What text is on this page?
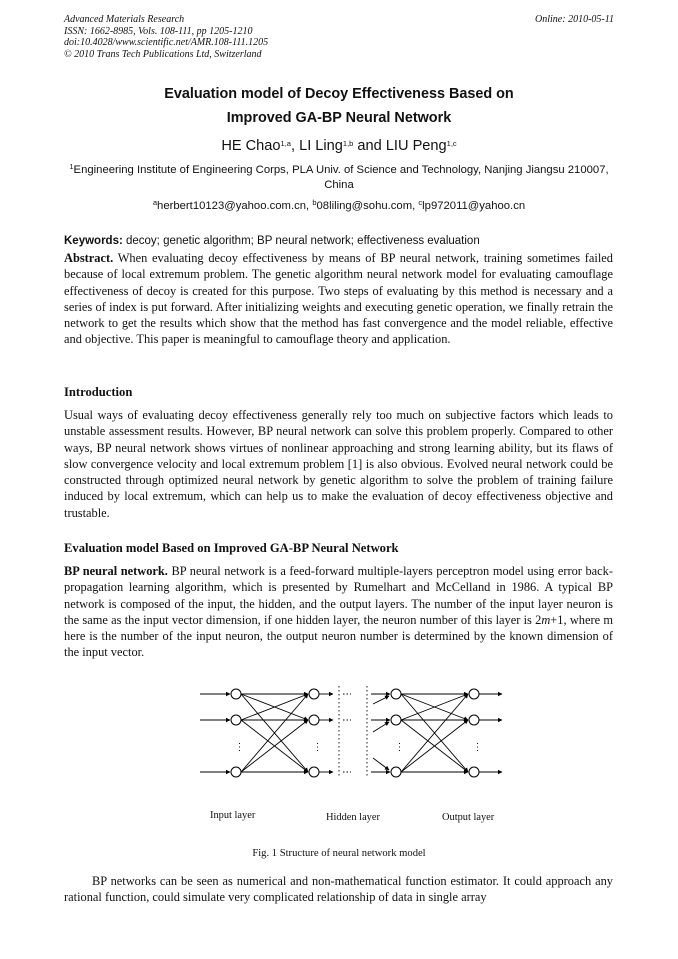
Advanced Materials Research
ISSN: 1662-8985, Vols. 108-111, pp 1205-1210
doi:10.4028/www.scientific.net/AMR.108-111.1205
© 2010 Trans Tech Publications Ltd, Switzerland
Online: 2010-05-11
Evaluation model of Decoy Effectiveness Based on
Improved GA-BP Neural Network
HE Chao$^{1,a}$, LI Ling$^{1,b}$ and LIU Peng$^{1,c}$
$^1$Engineering Institute of Engineering Corps, PLA Univ. of Science and Technology, Nanjing Jiangsu 210007, China
$^a$herbert10123@yahoo.com.cn, $^b$08liling@sohu.com, $^c$lp972011@yahoo.cn
Keywords: decoy; genetic algorithm; BP neural network; effectiveness evaluation
Abstract. When evaluating decoy effectiveness by means of BP neural network, training sometimes failed because of local extremum problem. The genetic algorithm neural network model for evaluating camouflage effectiveness of decoy is created for this purpose. Two steps of evaluating by this method is necessary and a series of index is put forward. After initializing weights and executing genetic operation, we finally retrain the network to get the results which show that the method has fast convergence and the model reliable, effective and objective. This paper is meaningful to camouflage theory and application.
Introduction
Usual ways of evaluating decoy effectiveness generally rely too much on subjective factors which leads to unstable assessment results. However, BP neural network can solve this problem properly. Compared to other ways, BP neural network shows virtues of nonlinear approaching and strong learning ability, but its flaws of slow convergence velocity and local extremum problem [1] is also obvious. Evolved neural network could be constructed through optimized neural network by genetic algorithm to solve the problem of training failure induced by local extremum, which can help us to make the evaluation of decoy effectiveness objective and trustable.
Evaluation model Based on Improved GA-BP Neural Network
BP neural network. BP neural network is a feed-forward multiple-layers perceptron model using error back-propagation learning algorithm, which is presented by Rumelhart and McCelland in 1986. A typical BP network is composed of the input, the hidden, and the output layers. The number of the input layer neuron is the same as the input vector dimension, if one hidden layer, the neuron number of this layer is 2m+1, where m here is the number of the input neuron, the output neuron number is determined by the known dimension of the input vector.
⋮	⋮	⋮	⋮
Input layer	Hidden layer	Output layer
Fig. 1 Structure of neural network model
BP networks can be seen as numerical and non-mathematical function estimator. It could approach any rational function, could simulate very complicated relationship of data in single array
